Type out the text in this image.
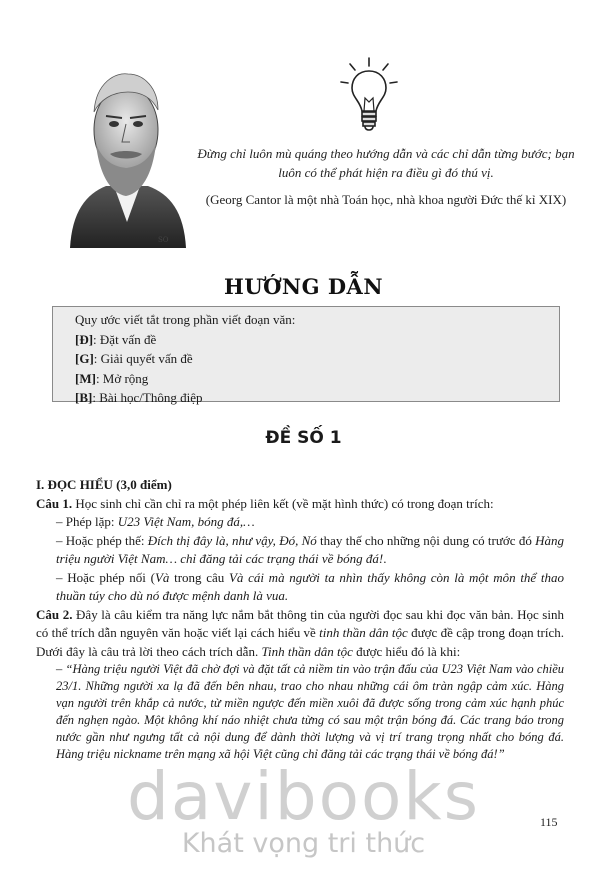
SO
Đừng chỉ luôn mù quáng theo hướng dẫn và các chỉ dẫn từng bước; bạn luôn có thể phát hiện ra điều gì đó thú vị.
(Georg Cantor là một nhà Toán học, nhà khoa người Đức thế kỉ XIX)
HƯỚNG DẪN
Quy ước viết tắt trong phần viết đoạn văn:
[Đ]: Đặt vấn đề
[G]: Giải quyết vấn đề
[M]: Mở rộng
[B]: Bài học/Thông điệp
ĐỀ SỐ 1

I. ĐỌC HIỂU (3,0 điểm)

Câu 1. Học sinh chỉ cần chỉ ra một phép liên kết (về mặt hình thức) có trong đoạn trích:

– Phép lặp: U23 Việt Nam, bóng đá,…

– Hoặc phép thế: Đích thị đây là, như vậy, Đó, Nó thay thế cho những nội dung có trước đó Hàng triệu người Việt Nam… chỉ đăng tải các trạng thái về bóng đá!.

– Hoặc phép nối (Và trong câu Và cái mà người ta nhìn thấy không còn là một môn thể thao thuần túy cho dù nó được mệnh danh là vua.

Câu 2. Đây là câu kiểm tra năng lực nắm bắt thông tin của người đọc sau khi đọc văn bản. Học sinh có thể trích dẫn nguyên văn hoặc viết lại cách hiểu về tinh thần dân tộc được đề cập trong đoạn trích. Dưới đây là câu trả lời theo cách trích dẫn. Tinh thần dân tộc được hiểu đó là khi:

– “Hàng triệu người Việt đã chờ đợi và đặt tất cả niềm tin vào trận đấu của U23 Việt Nam vào chiều 23/1. Những người xa lạ đã đến bên nhau, trao cho nhau những cái ôm tràn ngập cảm xúc. Hàng vạn người trên khắp cả nước, từ miền ngược đến miền xuôi đã được sống trong cảm xúc hạnh phúc đến nghẹn ngào. Một không khí náo nhiệt chưa từng có sau một trận bóng đá. Các trang báo trong nước gần như ngưng tất cả nội dung để dành thời lượng và vị trí trang trọng nhất cho bóng đá. Hàng triệu nickname trên mạng xã hội Việt cũng chỉ đăng tải các trạng thái về bóng đá!”

davibooks
Khát vọng tri thức
115
